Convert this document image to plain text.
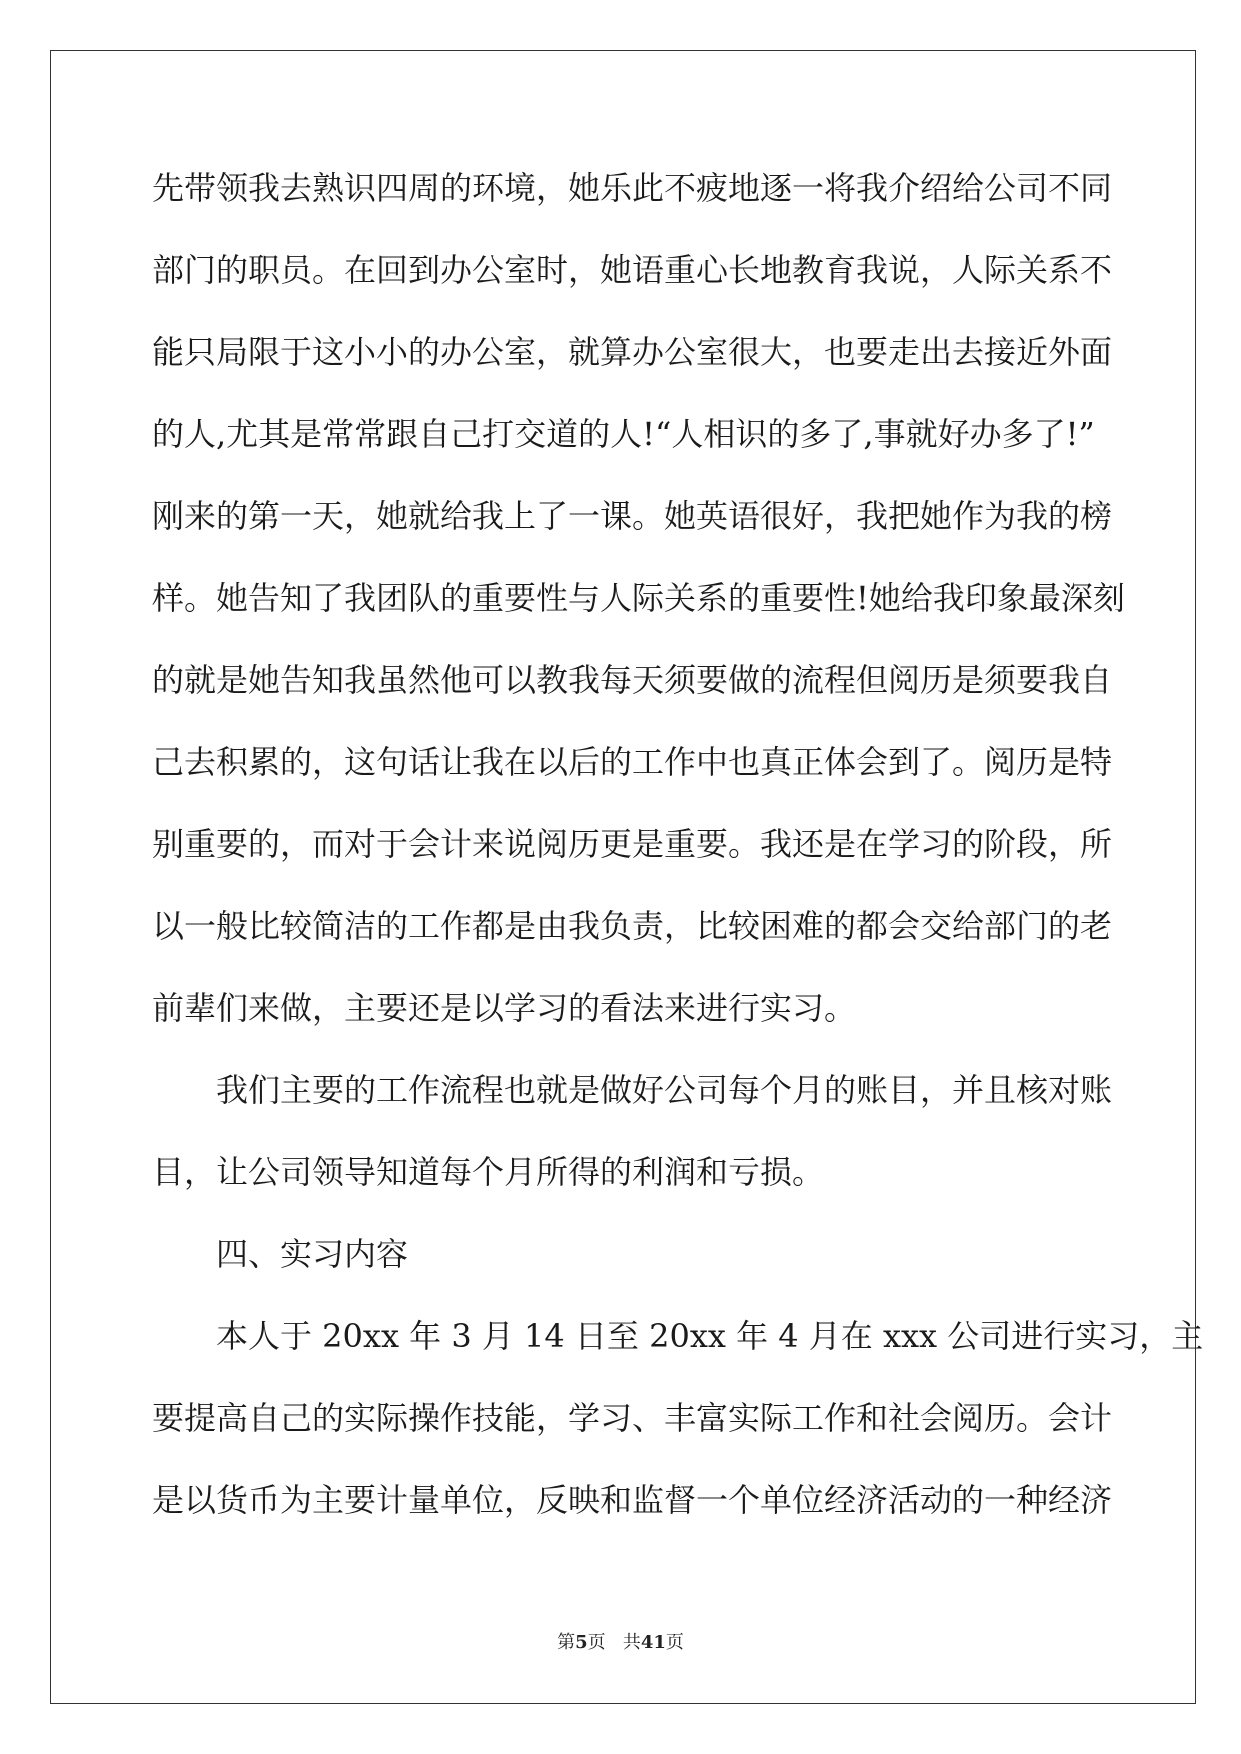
先带领我去熟识四周的环境，她乐此不疲地逐一将我介绍给公司不同
部门的职员。在回到办公室时，她语重心长地教育我说，人际关系不
能只局限于这小小的办公室，就算办公室很大，也要走出去接近外面
的人,尤其是常常跟自己打交道的人!“人相识的多了,事就好办多了!”
刚来的第一天，她就给我上了一课。她英语很好，我把她作为我的榜
样。她告知了我团队的重要性与人际关系的重要性!她给我印象最深刻
的就是她告知我虽然他可以教我每天须要做的流程但阅历是须要我自
己去积累的，这句话让我在以后的工作中也真正体会到了。阅历是特
别重要的，而对于会计来说阅历更是重要。我还是在学习的阶段，所
以一般比较简洁的工作都是由我负责，比较困难的都会交给部门的老
前辈们来做，主要还是以学习的看法来进行实习。
我们主要的工作流程也就是做好公司每个月的账目，并且核对账
目，让公司领导知道每个月所得的利润和亏损。
四、实习内容
本人于 20xx 年 3 月 14 日至 20xx 年 4 月在 xxx 公司进行实习，主
要提高自己的实际操作技能，学习、丰富实际工作和社会阅历。会计
是以货币为主要计量单位，反映和监督一个单位经济活动的一种经济
第5页 共41页
